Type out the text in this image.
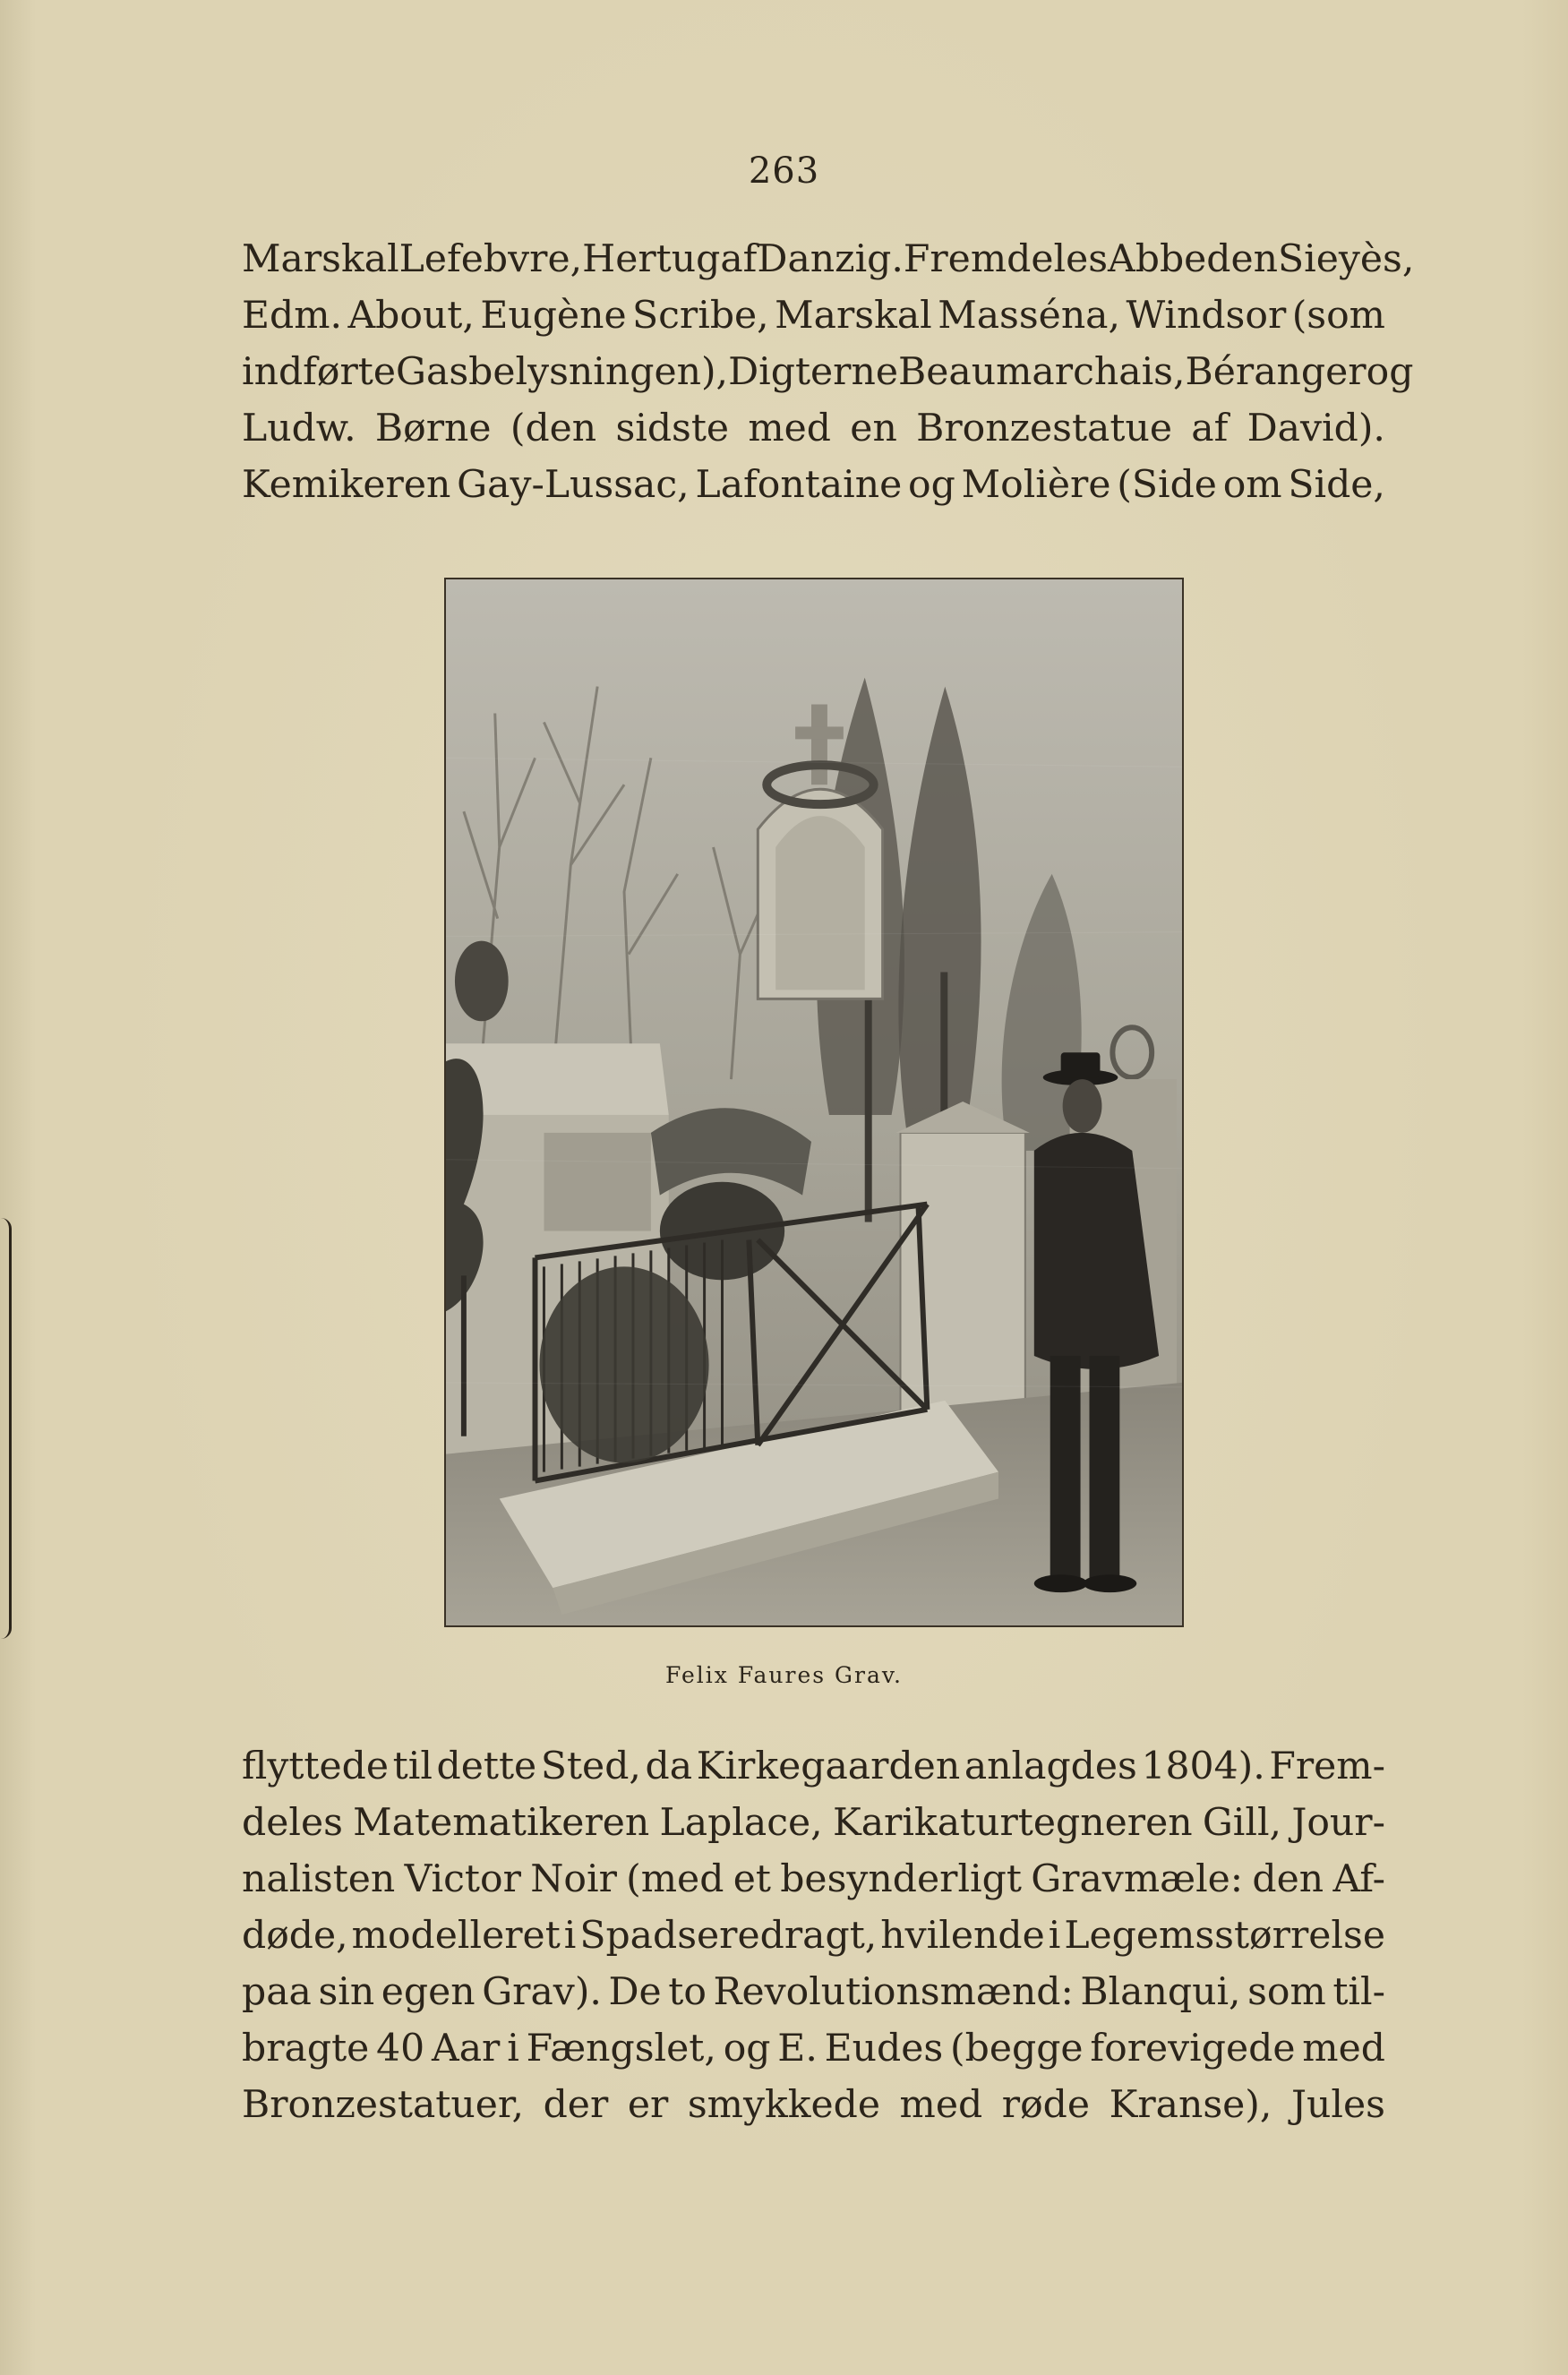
263
Marskal Lefebvre, Hertug af Danzig. Fremdeles Abbeden Sieyès,
Edm. About, Eugène Scribe, Marskal Masséna, Windsor (som
indførte Gasbelysningen), Digterne Beaumarchais, Béranger og
Ludw. Børne (den sidste med en Bronzestatue af David).
Kemikeren Gay-Lussac, Lafontaine og Molière (Side om Side,
Felix Faures Grav.
flyttede til dette Sted, da Kirkegaarden anlagdes 1804). Frem-
deles Matematikeren Laplace, Karikaturtegneren Gill, Jour-
nalisten Victor Noir (med et besynderligt Gravmæle: den Af-
døde, modelleret i Spadseredragt, hvilende i Legemsstørrelse
paa sin egen Grav). De to Revolutionsmænd: Blanqui, som til-
bragte 40 Aar i Fængslet, og E. Eudes (begge forevigede med
Bronzestatuer, der er smykkede med røde Kranse), Jules
